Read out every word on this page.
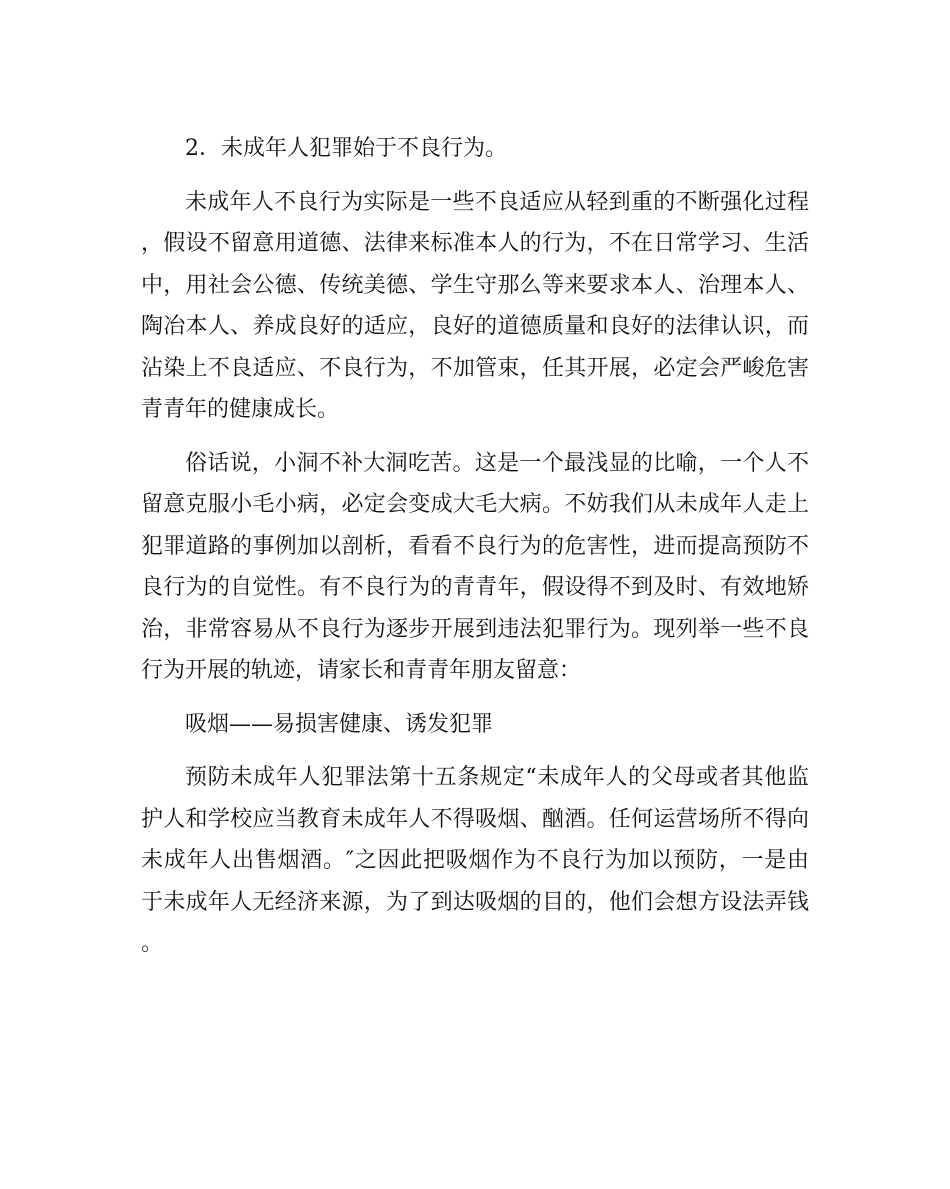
2．未成年人犯罪始于不良行为。

未成年人不良行为实际是一些不良适应从轻到重的不断强化过程，假设不留意用道德、法律来标准本人的行为，不在日常学习、生活中，用社会公德、传统美德、学生守那么等来要求本人、治理本人、陶冶本人、养成良好的适应，良好的道德质量和良好的法律认识，而沾染上不良适应、不良行为，不加管束，任其开展，必定会严峻危害青青年的健康成长。

俗话说，小洞不补大洞吃苦。这是一个最浅显的比喻，一个人不留意克服小毛小病，必定会变成大毛大病。不妨我们从未成年人走上犯罪道路的事例加以剖析，看看不良行为的危害性，进而提高预防不良行为的自觉性。有不良行为的青青年，假设得不到及时、有效地矫治，非常容易从不良行为逐步开展到违法犯罪行为。现列举一些不良行为开展的轨迹，请家长和青青年朋友留意：

吸烟——易损害健康、诱发犯罪

预防未成年人犯罪法第十五条规定“未成年人的父母或者其他监护人和学校应当教育未成年人不得吸烟、酗酒。任何运营场所不得向未成年人出售烟酒。″之因此把吸烟作为不良行为加以预防，一是由于未成年人无经济来源，为了到达吸烟的目的，他们会想方设法弄钱。
